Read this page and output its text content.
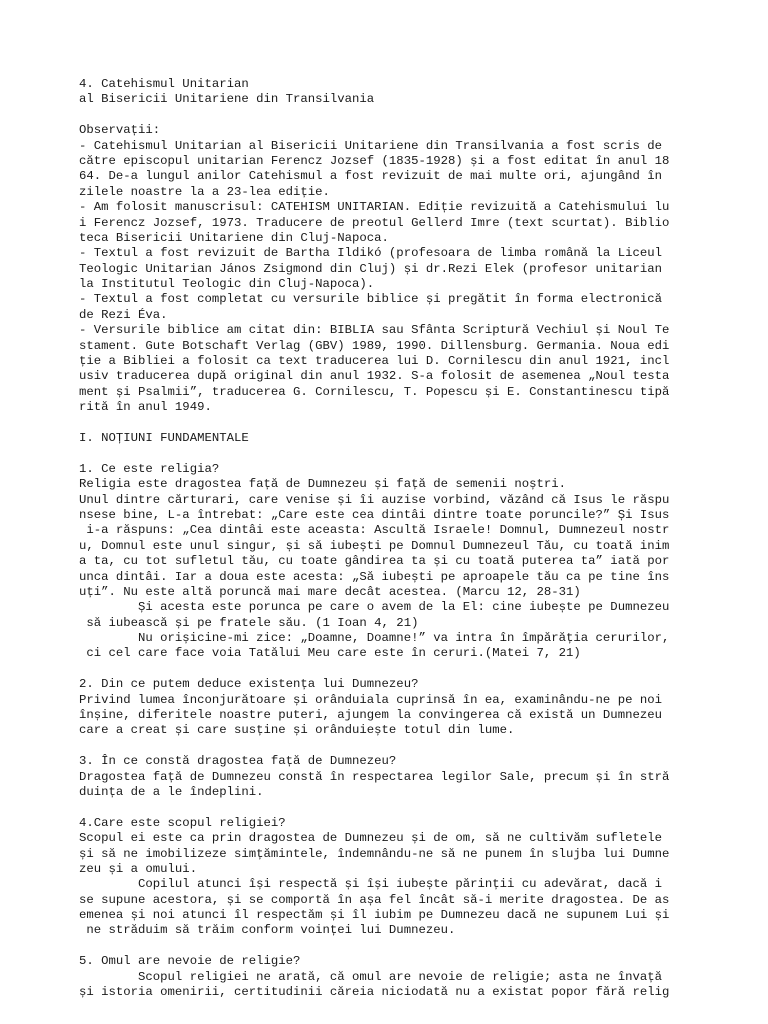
4. Catehismul Unitarian
al Bisericii Unitariene din Transilvania
Observații:
- Catehismul Unitarian al Bisericii Unitariene din Transilvania a fost scris de
către episcopul unitarian Ferencz Jozsef (1835-1928) și a fost editat în anul 18
64. De-a lungul anilor Catehismul a fost revizuit de mai multe ori, ajungând în
zilele noastre la a 23-lea ediție.
- Am folosit manuscrisul: CATEHISM UNITARIAN. Ediție revizuită a Catehismului lu
i Ferencz Jozsef, 1973. Traducere de preotul Gellerd Imre (text scurtat). Biblio
teca Bisericii Unitariene din Cluj-Napoca.
- Textul a fost revizuit de Bartha Ildikó (profesoara de limba română la Liceul
Teologic Unitarian János Zsigmond din Cluj) și dr.Rezi Elek (profesor unitarian
la Institutul Teologic din Cluj-Napoca).
- Textul a fost completat cu versurile biblice și pregătit în forma electronică
de Rezi Éva.
- Versurile biblice am citat din: BIBLIA sau Sfânta Scriptură Vechiul și Noul Te
stament. Gute Botschaft Verlag (GBV) 1989, 1990. Dillensburg. Germania. Noua edi
ție a Bibliei a folosit ca text traducerea lui D. Cornilescu din anul 1921, incl
usiv traducerea după original din anul 1932. S-a folosit de asemenea „Noul testa
ment și Psalmii”, traducerea G. Cornilescu, T. Popescu și E. Constantinescu tipă
rită în anul 1949.
I. NOȚIUNI FUNDAMENTALE
1. Ce este religia?
Religia este dragostea față de Dumnezeu și față de semenii noștri.
Unul dintre cărturari, care venise și îi auzise vorbind, văzând că Isus le răspu
nsese bine, L-a întrebat: „Care este cea dintâi dintre toate poruncile?” Și Isus
i-a răspuns: „Cea dintâi este aceasta: Ascultă Israele! Domnul, Dumnezeul nostr
u, Domnul este unul singur, și să iubești pe Domnul Dumnezeul Tău, cu toată inim
a ta, cu tot sufletul tău, cu toate gândirea ta și cu toată puterea ta” iată por
unca dintâi. Iar a doua este acesta: „Să iubești pe aproapele tău ca pe tine îns
uți”. Nu este altă poruncă mai mare decât acestea. (Marcu 12, 28-31)
Și acesta este porunca pe care o avem de la El: cine iubește pe Dumnezeu
să iubească și pe fratele său. (1 Ioan 4, 21)
Nu orișicine-mi zice: „Doamne, Doamne!” va intra în împărăția cerurilor,
ci cel care face voia Tatălui Meu care este în ceruri.(Matei 7, 21)
2. Din ce putem deduce existența lui Dumnezeu?
Privind lumea înconjurătoare și orânduiala cuprinsă în ea, examinându-ne pe noi
înșine, diferitele noastre puteri, ajungem la convingerea că există un Dumnezeu
care a creat și care susține și orânduiește totul din lume.
3. În ce constă dragostea față de Dumnezeu?
Dragostea față de Dumnezeu constă în respectarea legilor Sale, precum și în stră
duința de a le îndeplini.
4.Care este scopul religiei?
Scopul ei este ca prin dragostea de Dumnezeu și de om, să ne cultivăm sufletele
și să ne imobilizeze simțămintele, îndemnându-ne să ne punem în slujba lui Dumne
zeu și a omului.
Copilul atunci își respectă și își iubește părinții cu adevărat, dacă i
se supune acestora, și se comportă în așa fel încât să-i merite dragostea. De as
emenea și noi atunci îl respectăm și îl iubim pe Dumnezeu dacă ne supunem Lui și
ne străduim să trăim conform voinței lui Dumnezeu.
5. Omul are nevoie de religie?
Scopul religiei ne arată, că omul are nevoie de religie; asta ne învață
și istoria omenirii, certitudinii căreia niciodată nu a existat popor fără relig
